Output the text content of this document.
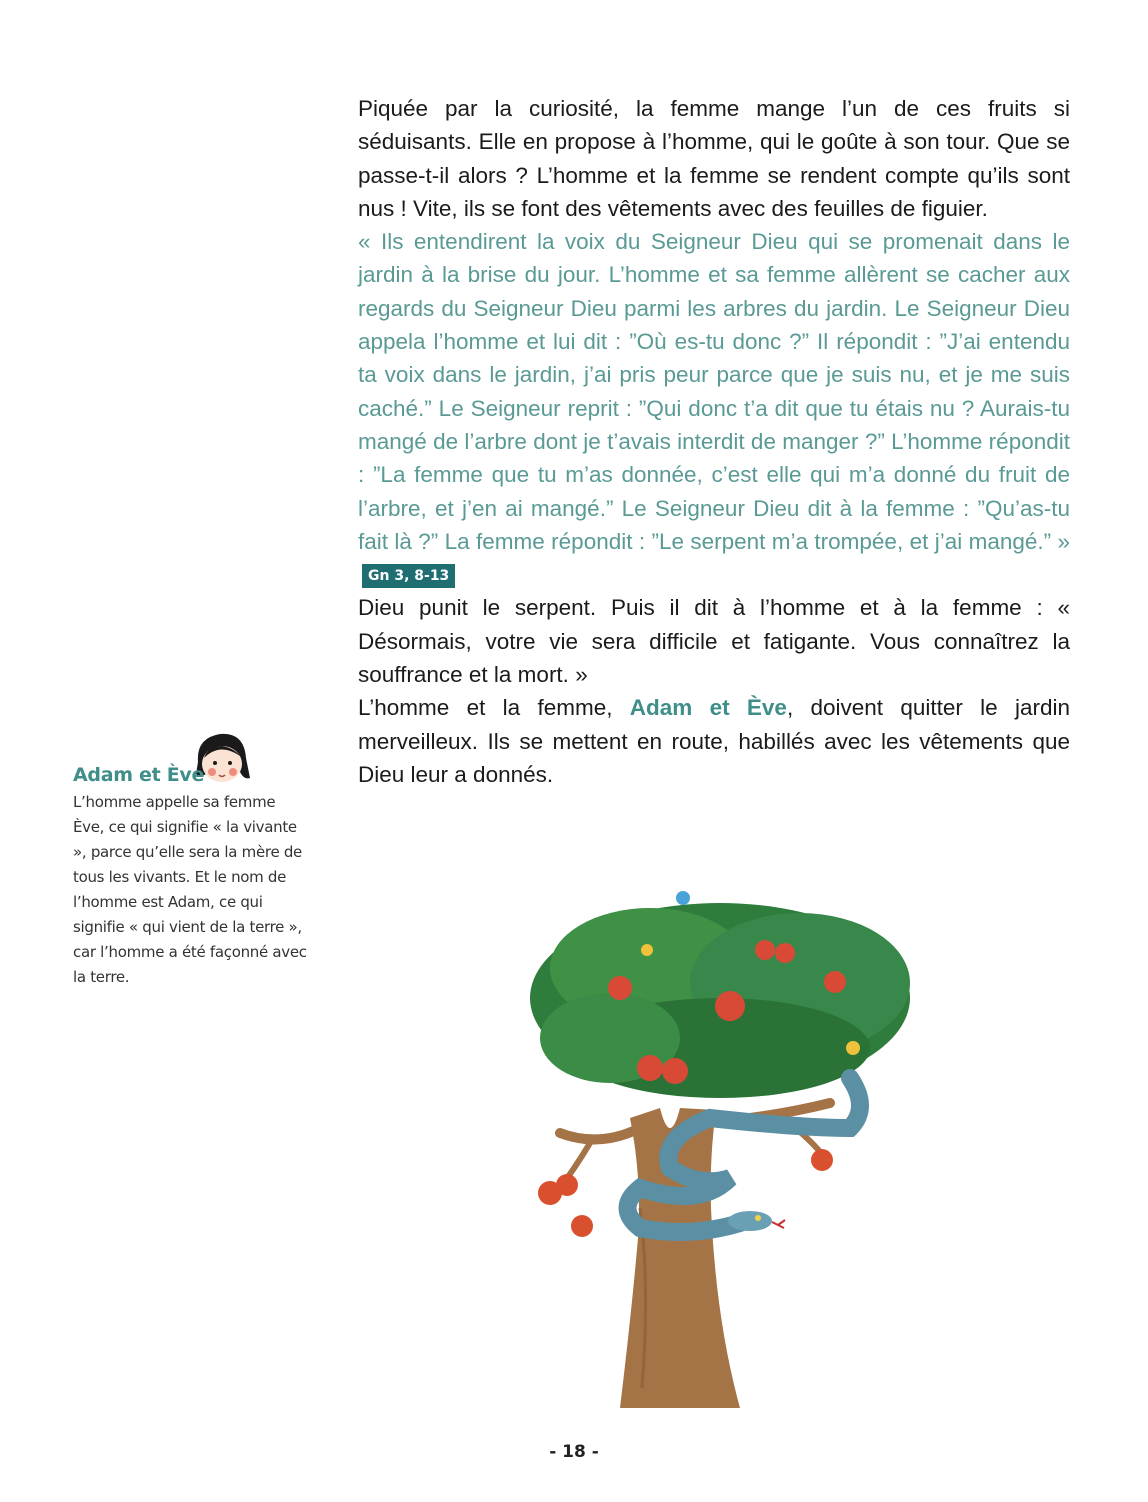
Piquée par la curiosité, la femme mange l’un de ces fruits si séduisants. Elle en propose à l’homme, qui le goûte à son tour. Que se passe-t-il alors ? L’homme et la femme se rendent compte qu’ils sont nus ! Vite, ils se font des vêtements avec des feuilles de figuier.

« Ils entendirent la voix du Seigneur Dieu qui se promenait dans le jardin à la brise du jour. L’homme et sa femme allèrent se cacher aux regards du Seigneur Dieu parmi les arbres du jardin. Le Seigneur Dieu appela l’homme et lui dit : ”Où es-tu donc ?” Il répondit : ”J’ai entendu ta voix dans le jardin, j’ai pris peur parce que je suis nu, et je me suis caché.” Le Seigneur reprit : ”Qui donc t’a dit que tu étais nu ? Aurais-tu mangé de l’arbre dont je t’avais interdit de manger ?” L’homme répondit : ”La femme que tu m’as donnée, c’est elle qui m’a donné du fruit de l’arbre, et j’en ai mangé.” Le Seigneur Dieu dit à la femme : ”Qu’as-tu fait là ?” La femme répondit : ”Le serpent m’a trompée, et j’ai mangé.” » Gn 3, 8-13

Dieu punit le serpent. Puis il dit à l’homme et à la femme : « Désormais, votre vie sera difficile et fatigante. Vous connaîtrez la souffrance et la mort. »

L’homme et la femme, Adam et Ève, doivent quitter le jardin merveilleux. Ils se mettent en route, habillés avec les vêtements que Dieu leur a donnés.

Adam et Ève
L’homme appelle sa femme Ève, ce qui signifie « la vivante », parce qu’elle sera la mère de tous les vivants. Et le nom de l’homme est Adam, ce qui signifie « qui vient de la terre », car l’homme a été façonné avec la terre.
- 18 -
